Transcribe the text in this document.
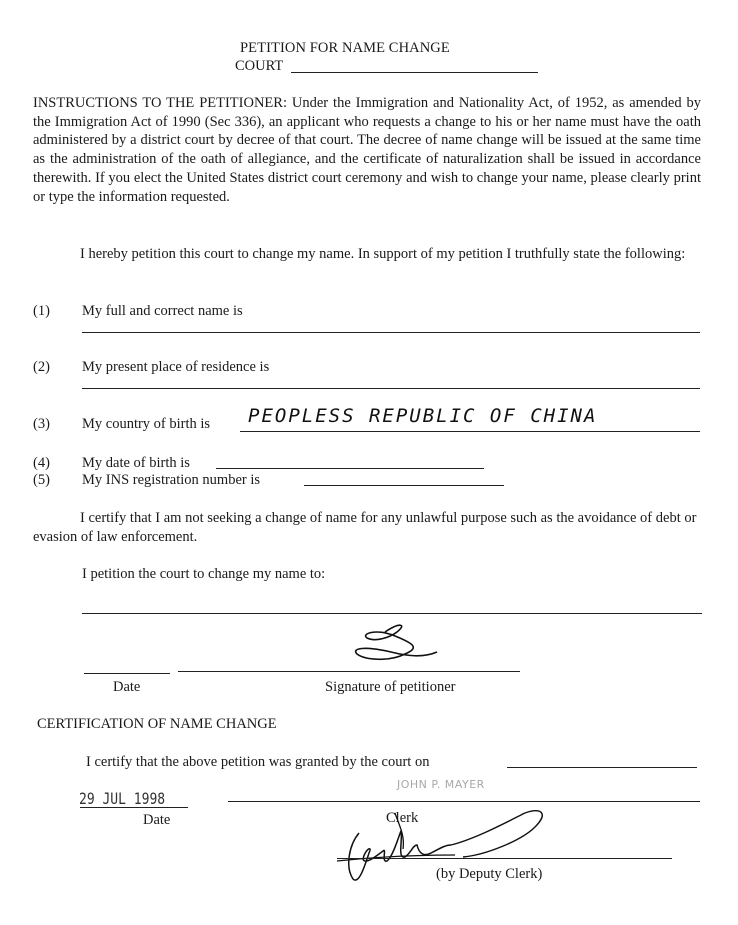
PETITION FOR NAME CHANGE
COURT
INSTRUCTIONS TO THE PETITIONER: Under the Immigration and Nationality Act, of 1952, as amended by the Immigration Act of 1990 (Sec 336), an applicant who requests a change to his or her name must have the oath administered by a district court by decree of that court. The decree of name change will be issued at the same time as the administration of the oath of allegiance, and the certificate of naturalization shall be issued in accordance therewith. If you elect the United States district court ceremony and wish to change your name, please clearly print or type the information requested.
I hereby petition this court to change my name. In support of my petition I truthfully state the following:
(1) My full and correct name is
(2) My present place of residence is
(3) My country of birth is PEOPLESS REPUBLIC OF CHINA
(4) My date of birth is
(5) My INS registration number is
I certify that I am not seeking a change of name for any unlawful purpose such as the avoidance of debt or evasion of law enforcement.
I petition the court to change my name to:
Date	Signature of petitioner
CERTIFICATION OF NAME CHANGE
I certify that the above petition was granted by the court on
JOHN P. MAYER
29 JUL 1998
Date	Clerk
(by Deputy Clerk)
